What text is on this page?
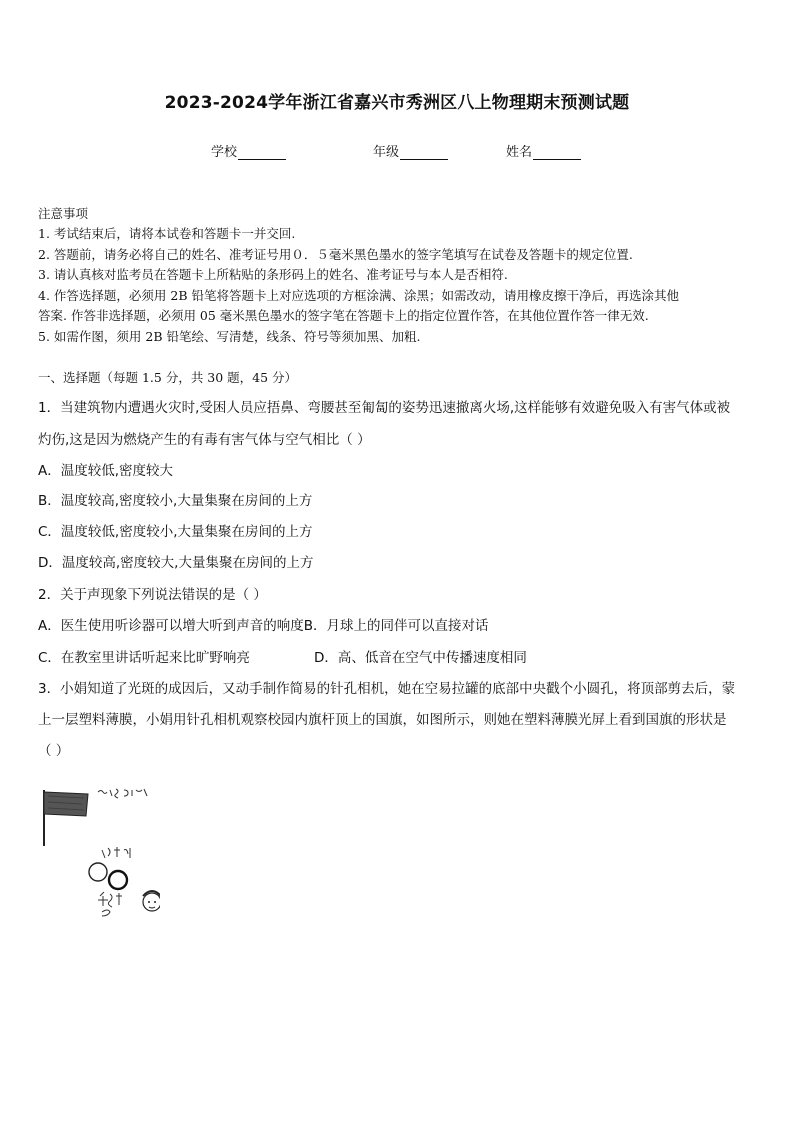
2023-2024学年浙江省嘉兴市秀洲区八上物理期末预测试题
学校	年级	姓名
注意事项
1. 考试结束后，请将本试卷和答题卡一并交回.
2. 答题前，请务必将自己的姓名、准考证号用０．５毫米黑色墨水的签字笔填写在试卷及答题卡的规定位置.
3. 请认真核对监考员在答题卡上所粘贴的条形码上的姓名、准考证号与本人是否相符.
4. 作答选择题，必须用 2B 铅笔将答题卡上对应选项的方框涂满、涂黑；如需改动，请用橡皮擦干净后，再选涂其他
答案. 作答非选择题，必须用 05 毫米黑色墨水的签字笔在答题卡上的指定位置作答，在其他位置作答一律无效.
5. 如需作图，须用 2B 铅笔绘、写清楚，线条、符号等须加黑、加粗.
一、选择题（每题 1.5 分，共 30 题，45 分）
1．当建筑物内遭遇火灾时,受困人员应捂鼻、弯腰甚至匍匐的姿势迅速撤离火场,这样能够有效避免吸入有害气体或被
灼伤,这是因为燃烧产生的有毒有害气体与空气相比（ ）
A．温度较低,密度较大
B．温度较高,密度较小,大量集聚在房间的上方
C．温度较低,密度较小,大量集聚在房间的上方
D．温度较高,密度较大,大量集聚在房间的上方
2．关于声现象下列说法错误的是（ ）
A．医生使用听诊器可以增大听到声音的响度B．月球上的同伴可以直接对话
C．在教室里讲话听起来比旷野响亮	D．高、低音在空气中传播速度相同
3．小娟知道了光斑的成因后，又动手制作简易的针孔相机，她在空易拉罐的底部中央戳个小圆孔，将顶部剪去后，蒙
上一层塑料薄膜，小娟用针孔相机观察校园内旗杆顶上的国旗，如图所示，则她在塑料薄膜光屏上看到国旗的形状是
（ ）
